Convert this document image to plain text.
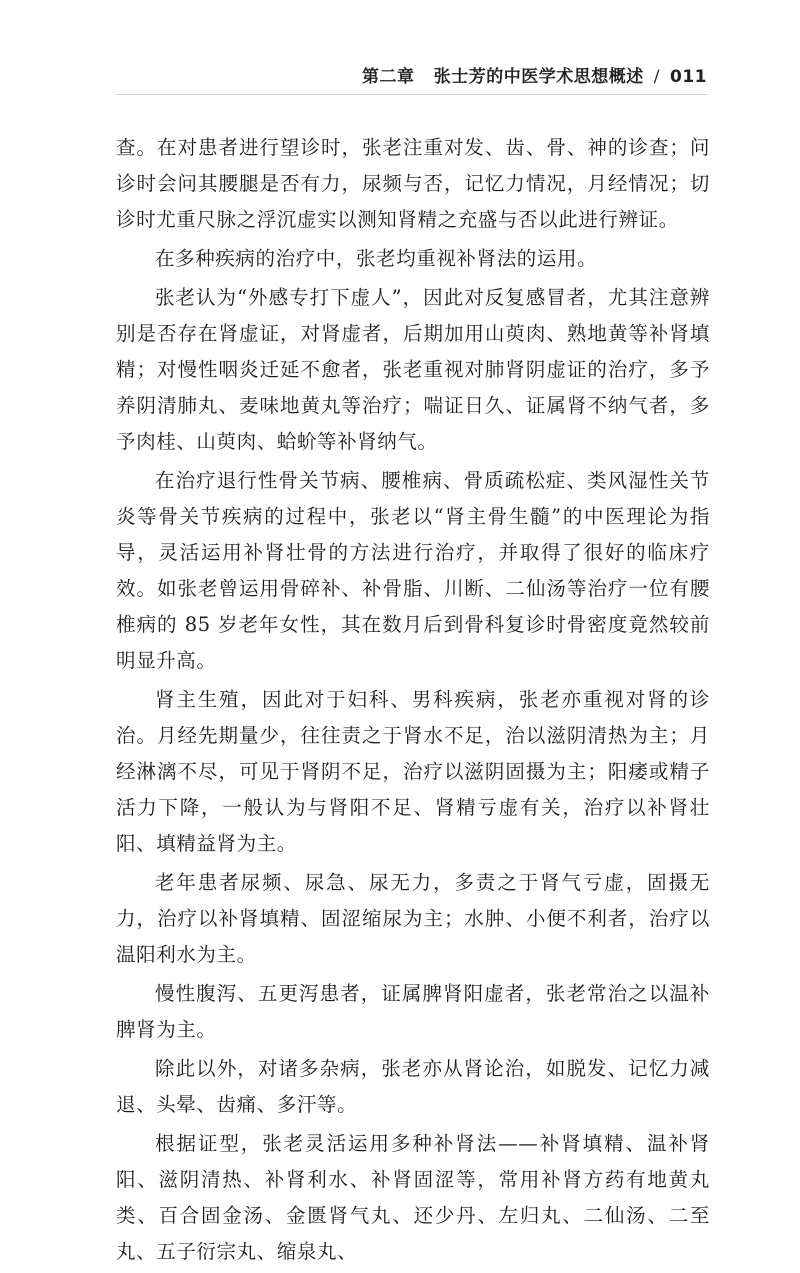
第二章 张士芳的中医学术思想概述 / 011

查。在对患者进行望诊时，张老注重对发、齿、骨、神的诊查；问诊时会问其腰腿是否有力，尿频与否，记忆力情况，月经情况；切诊时尤重尺脉之浮沉虚实以测知肾精之充盛与否以此进行辨证。

在多种疾病的治疗中，张老均重视补肾法的运用。

张老认为“外感专打下虚人”，因此对反复感冒者，尤其注意辨别是否存在肾虚证，对肾虚者，后期加用山萸肉、熟地黄等补肾填精；对慢性咽炎迁延不愈者，张老重视对肺肾阴虚证的治疗，多予养阴清肺丸、麦味地黄丸等治疗；喘证日久、证属肾不纳气者，多予肉桂、山萸肉、蛤蚧等补肾纳气。

在治疗退行性骨关节病、腰椎病、骨质疏松症、类风湿性关节炎等骨关节疾病的过程中，张老以“肾主骨生髓”的中医理论为指导，灵活运用补肾壮骨的方法进行治疗，并取得了很好的临床疗效。如张老曾运用骨碎补、补骨脂、川断、二仙汤等治疗一位有腰椎病的 85 岁老年女性，其在数月后到骨科复诊时骨密度竟然较前明显升高。

肾主生殖，因此对于妇科、男科疾病，张老亦重视对肾的诊治。月经先期量少，往往责之于肾水不足，治以滋阴清热为主；月经淋漓不尽，可见于肾阴不足，治疗以滋阴固摄为主；阳痿或精子活力下降，一般认为与肾阳不足、肾精亏虚有关，治疗以补肾壮阳、填精益肾为主。

老年患者尿频、尿急、尿无力，多责之于肾气亏虚，固摄无力，治疗以补肾填精、固涩缩尿为主；水肿、小便不利者，治疗以温阳利水为主。

慢性腹泻、五更泻患者，证属脾肾阳虚者，张老常治之以温补脾肾为主。

除此以外，对诸多杂病，张老亦从肾论治，如脱发、记忆力减退、头晕、齿痛、多汗等。

根据证型，张老灵活运用多种补肾法——补肾填精、温补肾阳、滋阴清热、补肾利水、补肾固涩等，常用补肾方药有地黄丸类、百合固金汤、金匮肾气丸、还少丹、左归丸、二仙汤、二至丸、五子衍宗丸、缩泉丸、
